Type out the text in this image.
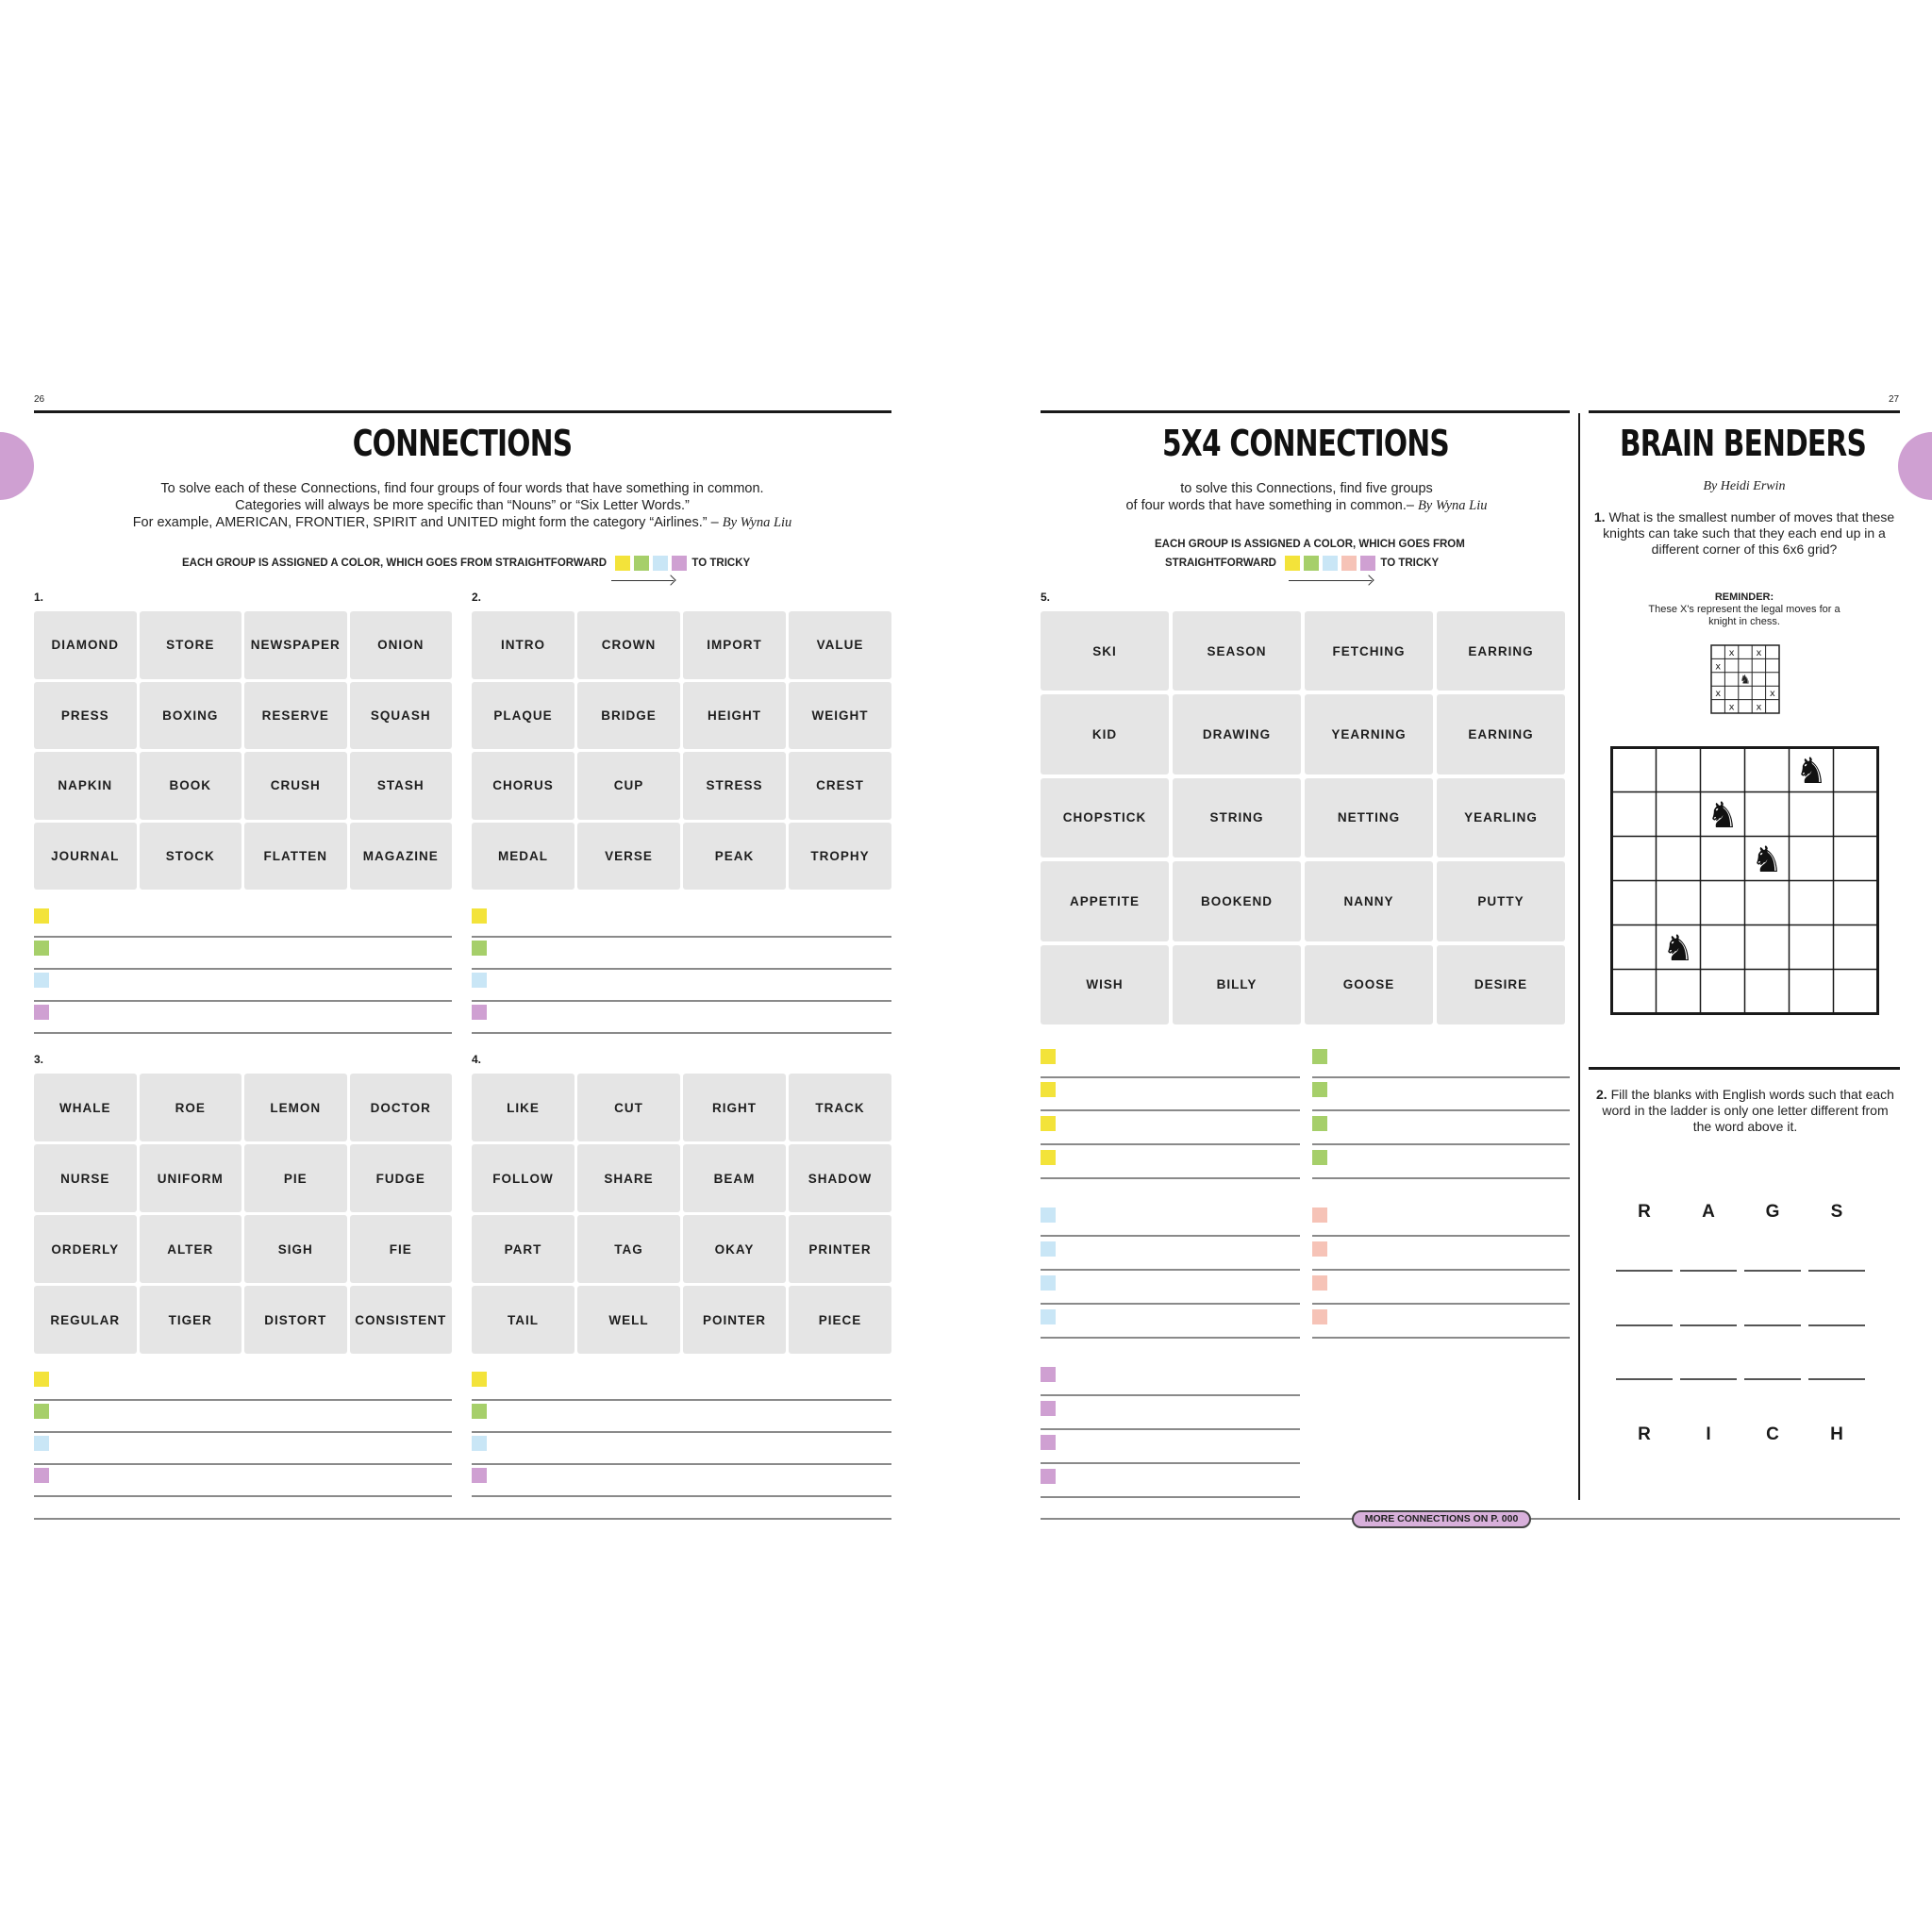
26	27
CONNECTIONS
To solve each of these Connections, find four groups of four words that have something in common.
Categories will always be more specific than “Nouns” or “Six Letter Words.”
For example, AMERICAN, FRONTIER, SPIRIT and UNITED might form the category “Airlines.” – By Wyna Liu
EACH GROUP IS ASSIGNED A COLOR, WHICH GOES FROM STRAIGHTFORWARD	TO TRICKY
1.
DIAMOND	STORE	NEWSPAPER	ONION
PRESS	BOXING	RESERVE	SQUASH
NAPKIN	BOOK	CRUSH	STASH
JOURNAL	STOCK	FLATTEN	MAGAZINE
2.
INTRO	CROWN	IMPORT	VALUE
PLAQUE	BRIDGE	HEIGHT	WEIGHT
CHORUS	CUP	STRESS	CREST
MEDAL	VERSE	PEAK	TROPHY
3.
WHALE	ROE	LEMON	DOCTOR
NURSE	UNIFORM	PIE	FUDGE
ORDERLY	ALTER	SIGH	FIE
REGULAR	TIGER	DISTORT	CONSISTENT
4.
LIKE	CUT	RIGHT	TRACK
FOLLOW	SHARE	BEAM	SHADOW
PART	TAG	OKAY	PRINTER
TAIL	WELL	POINTER	PIECE
5X4 CONNECTIONS
to solve this Connections, find five groups
of four words that have something in common.– By Wyna Liu
EACH GROUP IS ASSIGNED A COLOR, WHICH GOES FROM
STRAIGHTFORWARD	TO TRICKY
5.
SKI	SEASON	FETCHING	EARRING
KID	DRAWING	YEARNING	EARNING
CHOPSTICK	STRING	NETTING	YEARLING
APPETITE	BOOKEND	NANNY	PUTTY
WISH	BILLY	GOOSE	DESIRE
MORE CONNECTIONS ON P. 000
BRAIN BENDERS
By Heidi Erwin
1. What is the smallest number of moves that these knights can take such that they each end up in a different corner of this 6x6 grid?
REMINDER:
These X's represent the legal moves for a knight in chess.
x x
x
x	x
x x
♞
♞
♞
♞
♞
2. Fill the blanks with English words such that each word in the ladder is only one letter different from the word above it.
R	A	G	S
R	I	C	H
